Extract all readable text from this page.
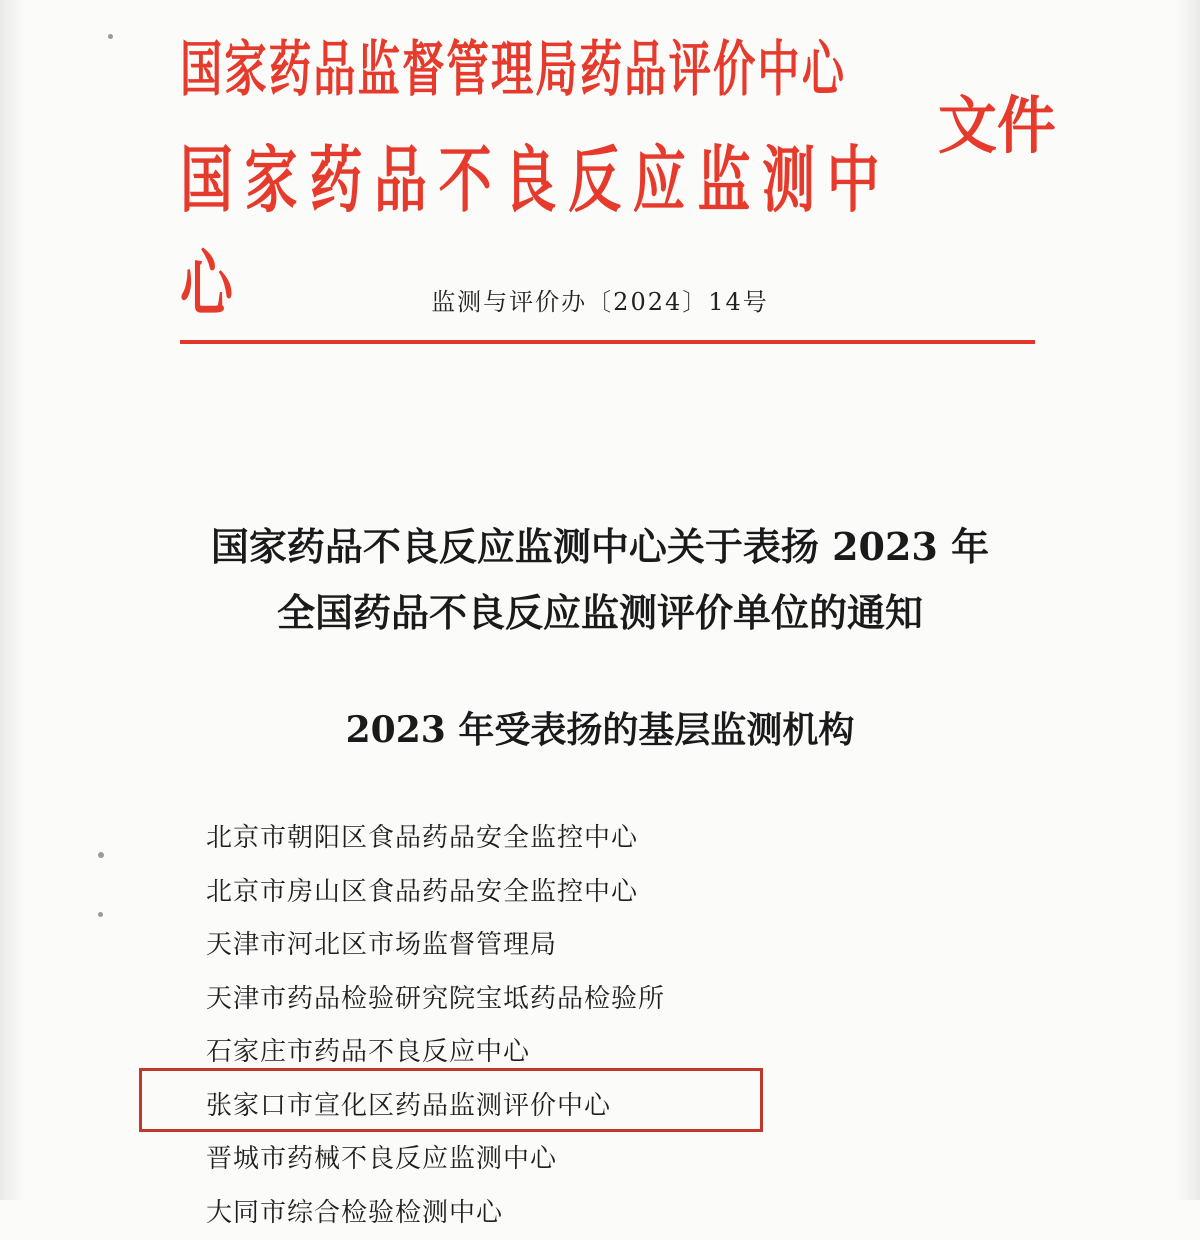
国家药品监督管理局药品评价中心
国家药品不良反应监测中心
文件
监测与评价办〔2024〕14号
国家药品不良反应监测中心关于表扬 2023 年
全国药品不良反应监测评价单位的通知
2023 年受表扬的基层监测机构
北京市朝阳区食品药品安全监控中心
北京市房山区食品药品安全监控中心
天津市河北区市场监督管理局
天津市药品检验研究院宝坻药品检验所
石家庄市药品不良反应中心
张家口市宣化区药品监测评价中心
晋城市药械不良反应监测中心
大同市综合检验检测中心
